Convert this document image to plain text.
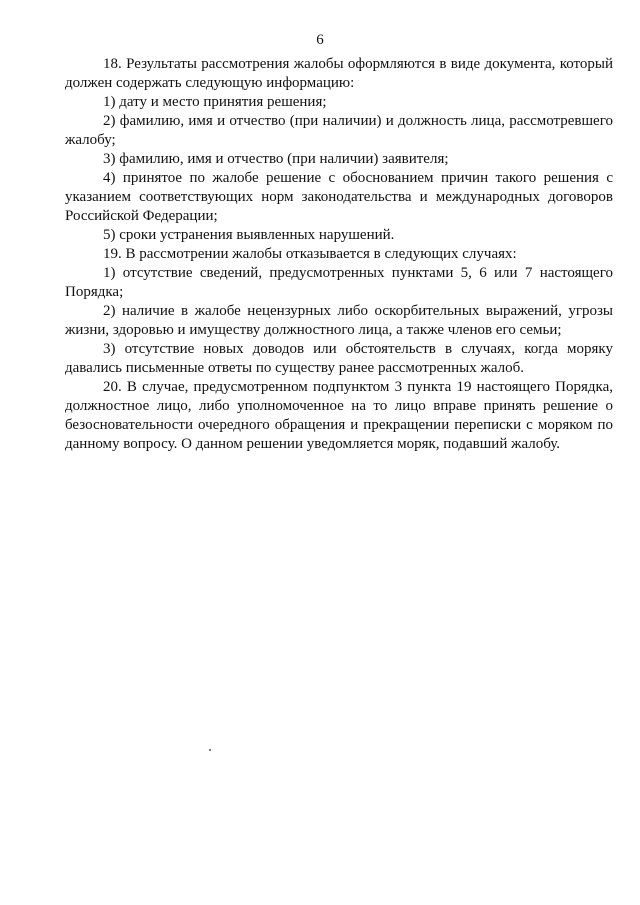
6

18. Результаты рассмотрения жалобы оформляются в виде документа, который должен содержать следующую информацию:

1) дату и место принятия решения;

2) фамилию, имя и отчество (при наличии) и должность лица, рассмотревшего жалобу;

3) фамилию, имя и отчество (при наличии) заявителя;

4) принятое по жалобе решение с обоснованием причин такого решения с указанием соответствующих норм законодательства и международных договоров Российской Федерации;

5) сроки устранения выявленных нарушений.

19. В рассмотрении жалобы отказывается в следующих случаях:

1) отсутствие сведений, предусмотренных пунктами 5, 6 или 7 настоящего Порядка;

2) наличие в жалобе нецензурных либо оскорбительных выражений, угрозы жизни, здоровью и имуществу должностного лица, а также членов его семьи;

3) отсутствие новых доводов или обстоятельств в случаях, когда моряку давались письменные ответы по существу ранее рассмотренных жалоб.

20. В случае, предусмотренном подпунктом 3 пункта 19 настоящего Порядка, должностное лицо, либо уполномоченное на то лицо вправе принять решение о безосновательности очередного обращения и прекращении переписки с моряком по данному вопросу. О данном решении уведомляется моряк, подавший жалобу.
